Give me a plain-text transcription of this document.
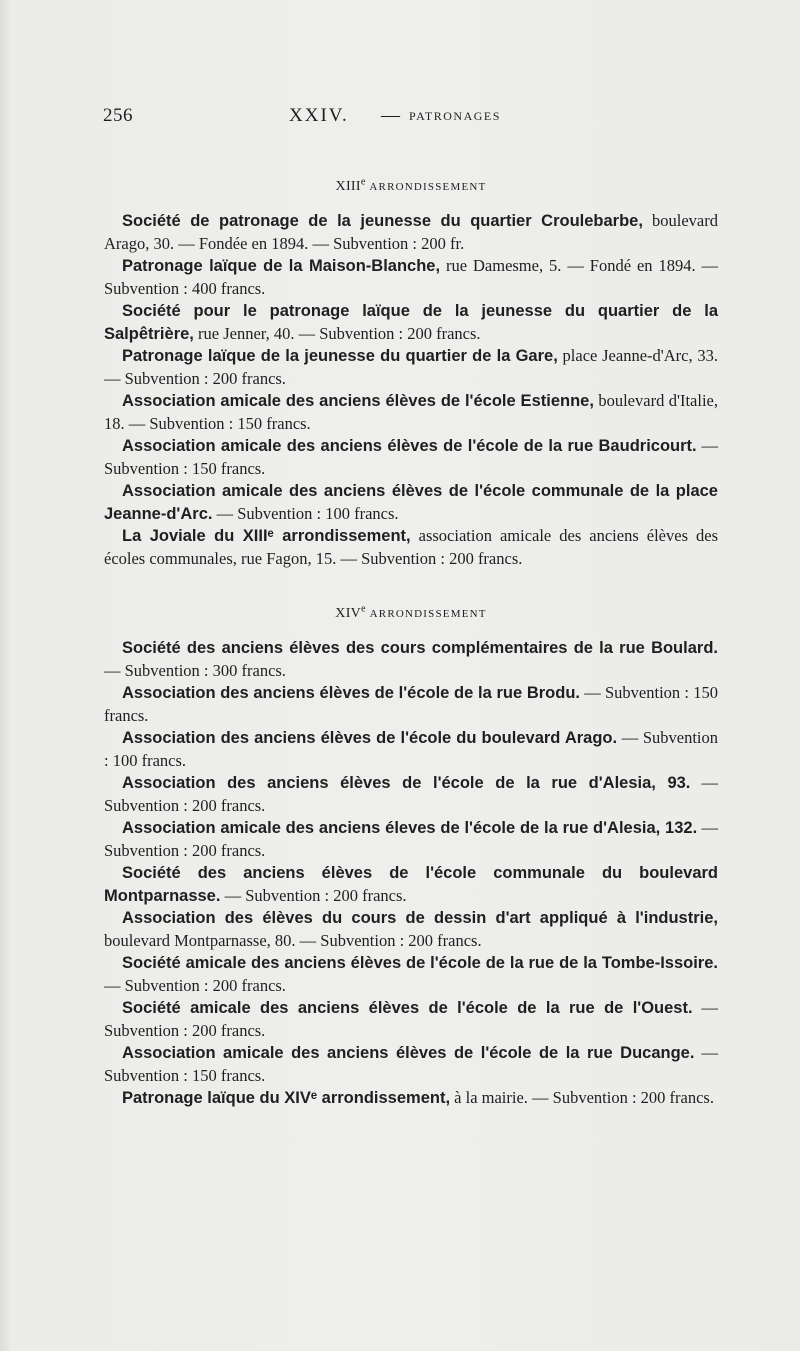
256	XXIV. — PATRONAGES
XIIIe ARRONDISSEMENT

Société de patronage de la jeunesse du quartier Croulebarbe, boulevard Arago, 30. — Fondée en 1894. — Subvention : 200 fr.

Patronage laïque de la Maison-Blanche, rue Damesme, 5. — Fondé en 1894. — Subvention : 400 francs.

Société pour le patronage laïque de la jeunesse du quartier de la Salpêtrière, rue Jenner, 40. — Subvention : 200 francs.

Patronage laïque de la jeunesse du quartier de la Gare, place Jeanne-d'Arc, 33. — Subvention : 200 francs.

Association amicale des anciens élèves de l'école Estienne, boulevard d'Italie, 18. — Subvention : 150 francs.

Association amicale des anciens élèves de l'école de la rue Baudricourt. — Subvention : 150 francs.

Association amicale des anciens élèves de l'école communale de la place Jeanne-d'Arc. — Subvention : 100 francs.

La Joviale du XIIIᵉ arrondissement, association amicale des anciens élèves des écoles communales, rue Fagon, 15. — Subvention : 200 francs.

XIVe ARRONDISSEMENT

Société des anciens élèves des cours complémentaires de la rue Boulard. — Subvention : 300 francs.

Association des anciens élèves de l'école de la rue Brodu. — Subvention : 150 francs.

Association des anciens élèves de l'école du boulevard Arago. — Subvention : 100 francs.

Association des anciens élèves de l'école de la rue d'Alesia, 93. — Subvention : 200 francs.

Association amicale des anciens éleves de l'école de la rue d'Alesia, 132. — Subvention : 200 francs.

Société des anciens élèves de l'école communale du boulevard Montparnasse. — Subvention : 200 francs.

Association des élèves du cours de dessin d'art appliqué à l'industrie, boulevard Montparnasse, 80. — Subvention : 200 francs.

Société amicale des anciens élèves de l'école de la rue de la Tombe-Issoire. — Subvention : 200 francs.

Société amicale des anciens élèves de l'école de la rue de l'Ouest. — Subvention : 200 francs.

Association amicale des anciens élèves de l'école de la rue Ducange. — Subvention : 150 francs.

Patronage laïque du XIVᵉ arrondissement, à la mairie. — Subvention : 200 francs.
